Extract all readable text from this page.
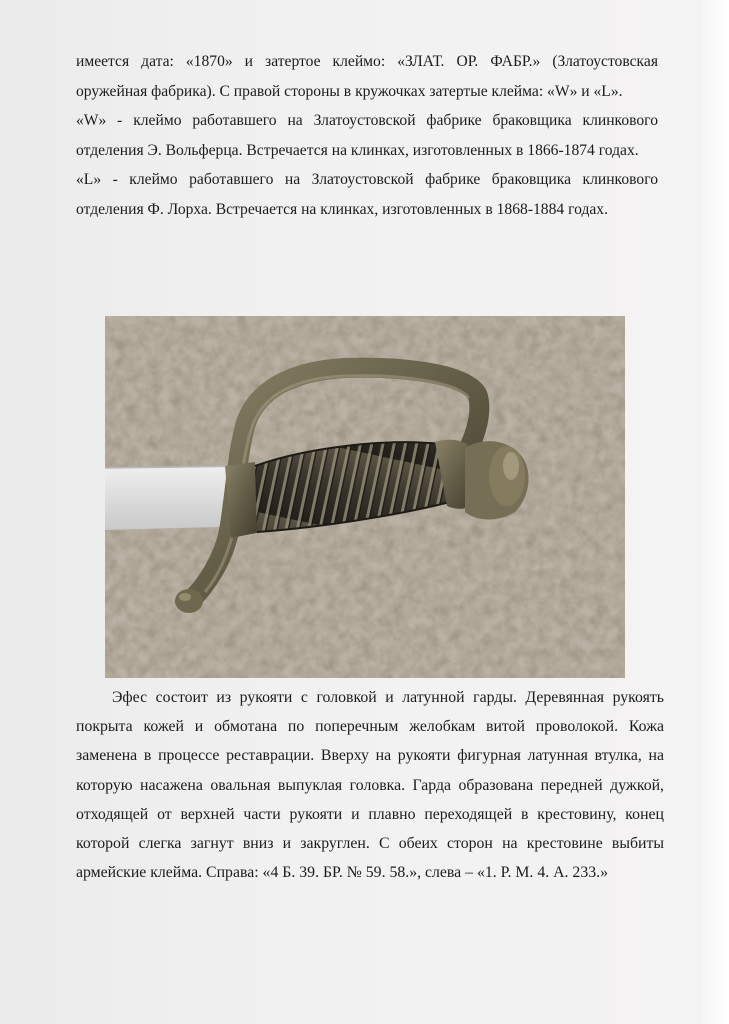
имеется дата: «1870» и затертое клеймо: «ЗЛАТ. ОР. ФАБР.» (Златоустовская оружейная фабрика). С правой стороны в кружочках затертые клейма: «W» и «L».

«W» - клеймо работавшего на Златоустовской фабрике браковщика клинкового отделения Э. Вольферца. Встречается на клинках, изготовленных в 1866-1874 годах.

«L» - клеймо работавшего на Златоустовской фабрике браковщика клинкового отделения Ф. Лорха. Встречается на клинках, изготовленных в 1868-1884 годах.

Эфес состоит из рукояти с головкой и латунной гарды. Деревянная рукоять покрыта кожей и обмотана по поперечным желобкам витой проволокой. Кожа заменена в процессе реставрации. Вверху на рукояти фигурная латунная втулка, на которую насажена овальная выпуклая головка. Гарда образована передней дужкой, отходящей от верхней части рукояти и плавно переходящей в крестовину, конец которой слегка загнут вниз и закруглен. С обеих сторон на крестовине выбиты армейские клейма. Справа: «4 Б. 39. БР. № 59. 58.», слева – «1. Р. М. 4. А. 233.»
